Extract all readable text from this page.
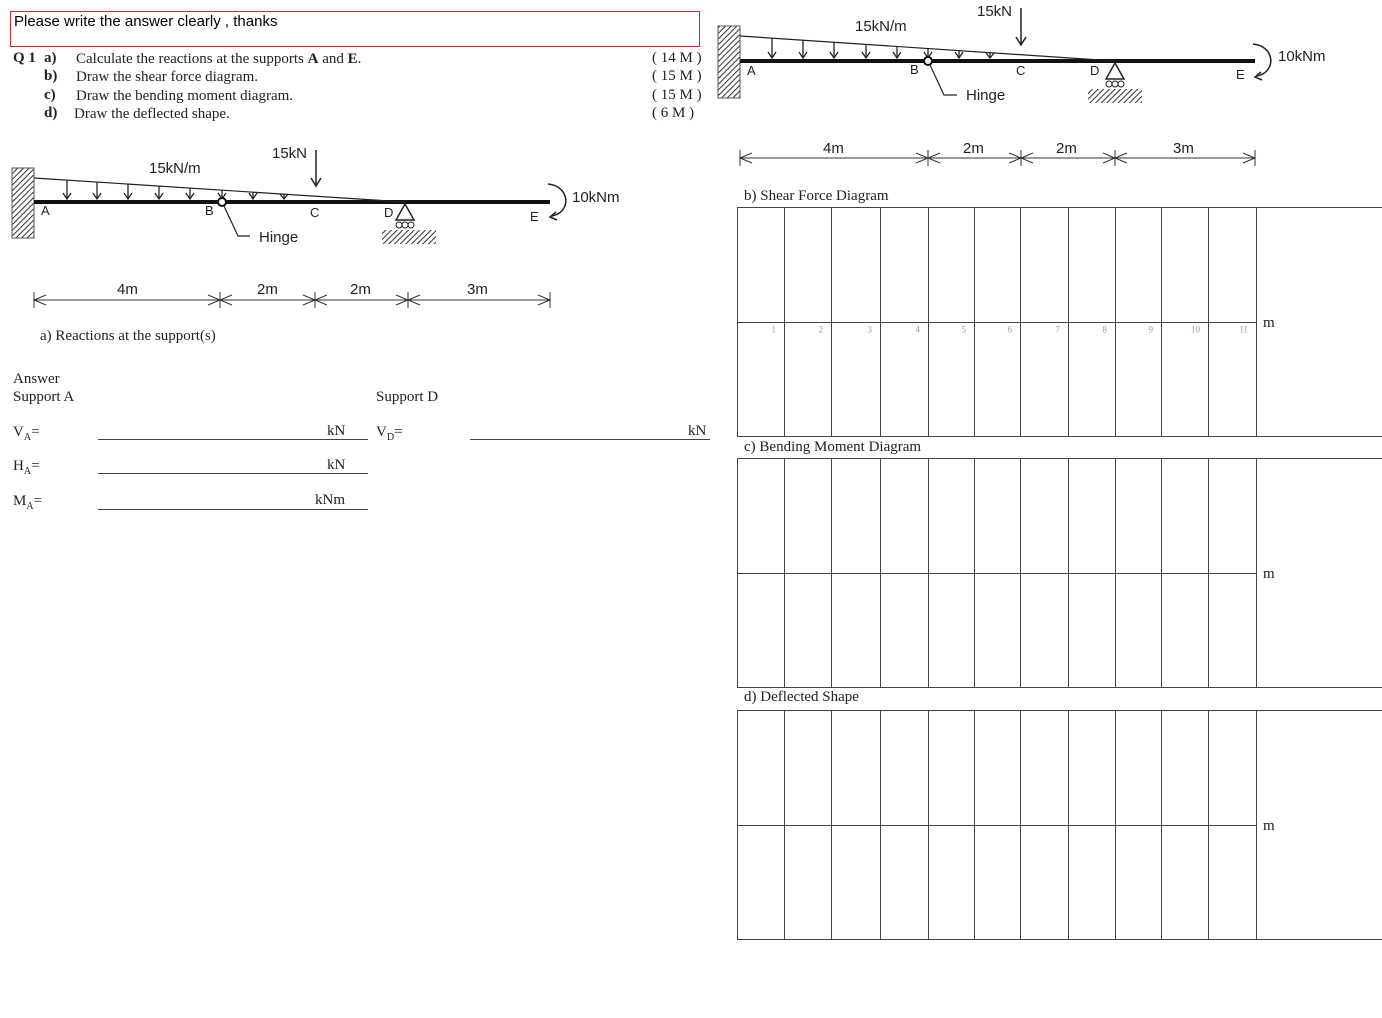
Please write the answer clearly , thanks
Q 1 a) Calculate the reactions at the supports A and E.	( 14 M )
b) Draw the shear force diagram.	( 15 M )
c) Draw the bending moment diagram.	( 15 M )
d) Draw the deflected shape.	( 6 M )
15kN/m
15kN
10kNm
Hinge
A	B	C	D	E
4m	2m	2m	3m
a) Reactions at the support(s)
Answer
Support A	Support D
$V_A=$	kN
$H_A=$	kN
$M_A=$	kNm
$V_D=$	kN
15kN/m
15kN
10kNm
Hinge
A	B	C	D	E
4m	2m	2m	3m
b) Shear Force Diagram
c) Bending Moment Diagram
d) Deflected Shape
1	2	3	4	5	6	7	8	9	10	11 m
m
m
